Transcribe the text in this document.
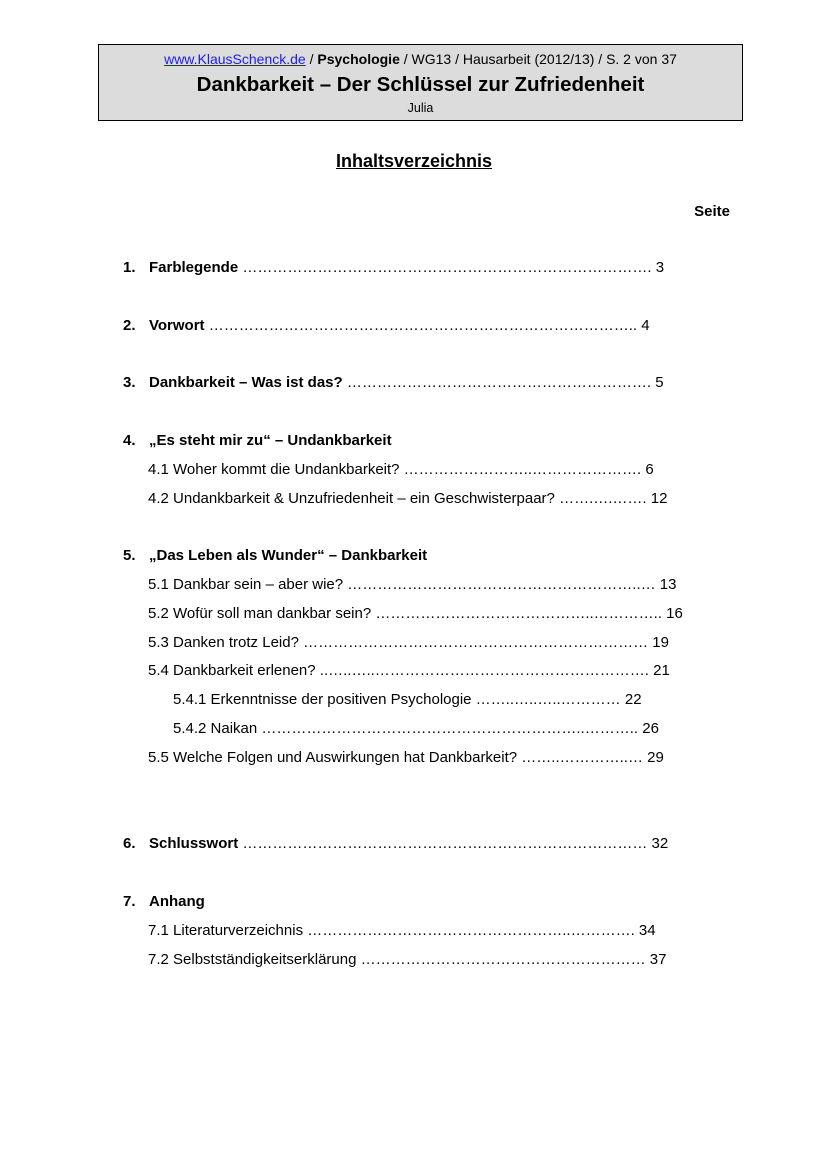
www.KlausSchenck.de / Psychologie / WG13 / Hausarbeit (2012/13) / S. 2 von 37
Dankbarkeit – Der Schlüssel zur Zufriedenheit
Julia
Inhaltsverzeichnis
Seite
1. Farblegende ………………………………………………………………………. 3
2. Vorwort ………………………………………………………………………….. 4
3. Dankbarkeit – Was ist das? ……………………………………………………. 5
4. „Es steht mir zu“ – Undankbarkeit
4.1 Woher kommt die Undankbarkeit? ……………………..…………………. 6
4.2 Undankbarkeit & Unzufriedenheit – ein Geschwisterpaar? …….….……. 12
5. „Das Leben als Wunder“ – Dankbarkeit
5.1 Dankbar sein – aber wie? …………………………………………………..… 13
5.2 Wofür soll man dankbar sein? ……………………………………..………….. 16
5.3 Danken trotz Leid? …………………………………………………………… 19
5.4 Dankbarkeit erlenen? ..…..…..………………………………………………. 21
5.4.1 Erkenntnisse der positiven Psychologie ……..…..…..………… 22
5.4.2 Naikan ………………………………………………………..……….. 26
5.5 Welche Folgen und Auswirkungen hat Dankbarkeit? ……..…………..… 29
6. Schlusswort ……………………………………………………………………… 32
7. Anhang
7.1 Literaturverzeichnis ……………………………………………..…………. 34
7.2 Selbstständigkeitserklärung ………………………………………………… 37
